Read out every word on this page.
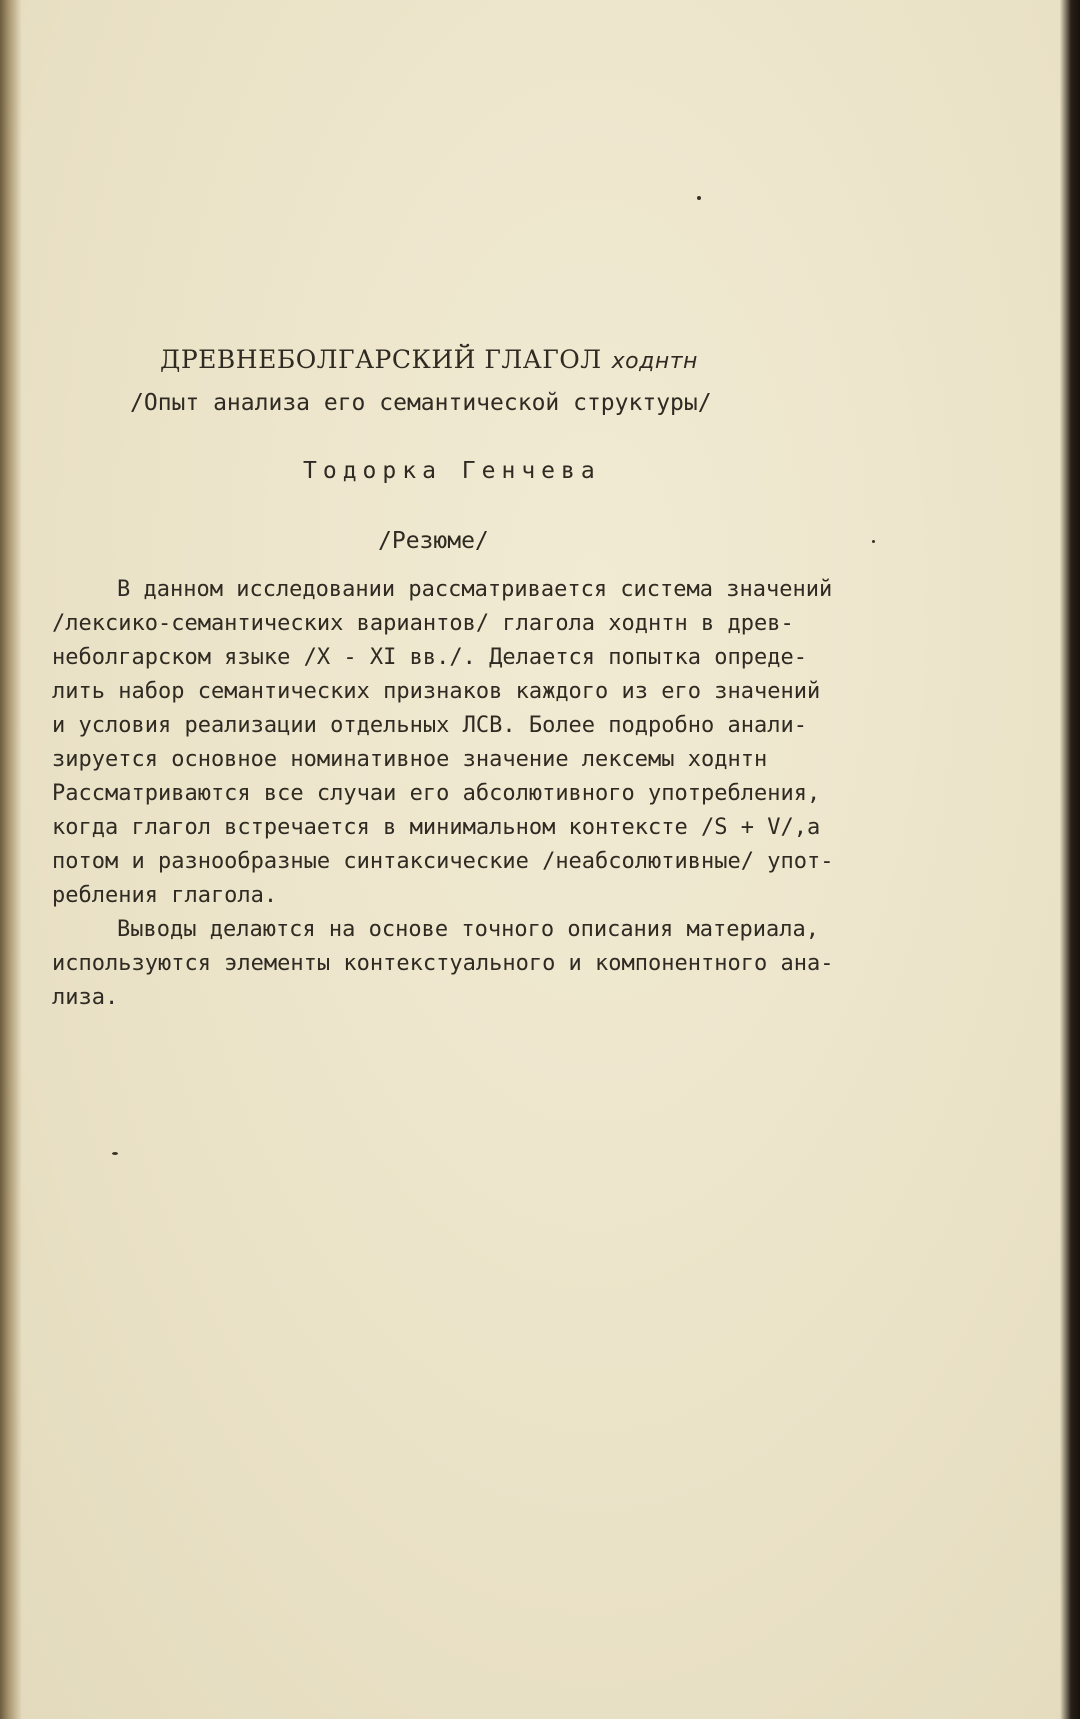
ДРЕВНЕБОЛГАРСКИЙ ГЛАГОЛ ходнтн
/Опыт анализа его семантической структуры/
Тодорка Генчева
/Резюме/
В данном исследовании рассматривается система значений
/лексико-семантических вариантов/ глагола ходнтн в древ-
неболгарском языке /X - XI вв./. Делается попытка опреде-
лить набор семантических признаков каждого из его значений
и условия реализации отдельных ЛСВ. Более подробно анали-
зируется основное номинативное значение лексемы ходнтн
Рассматриваются все случаи его абсолютивного употребления,
когда глагол встречается в минимальном контексте /S + V/,а
потом и разнообразные синтаксические /неабсолютивные/ упот-
ребления глагола.
Выводы делаются на основе точного описания материала,
используются элементы контекстуального и компонентного ана-
лиза.
